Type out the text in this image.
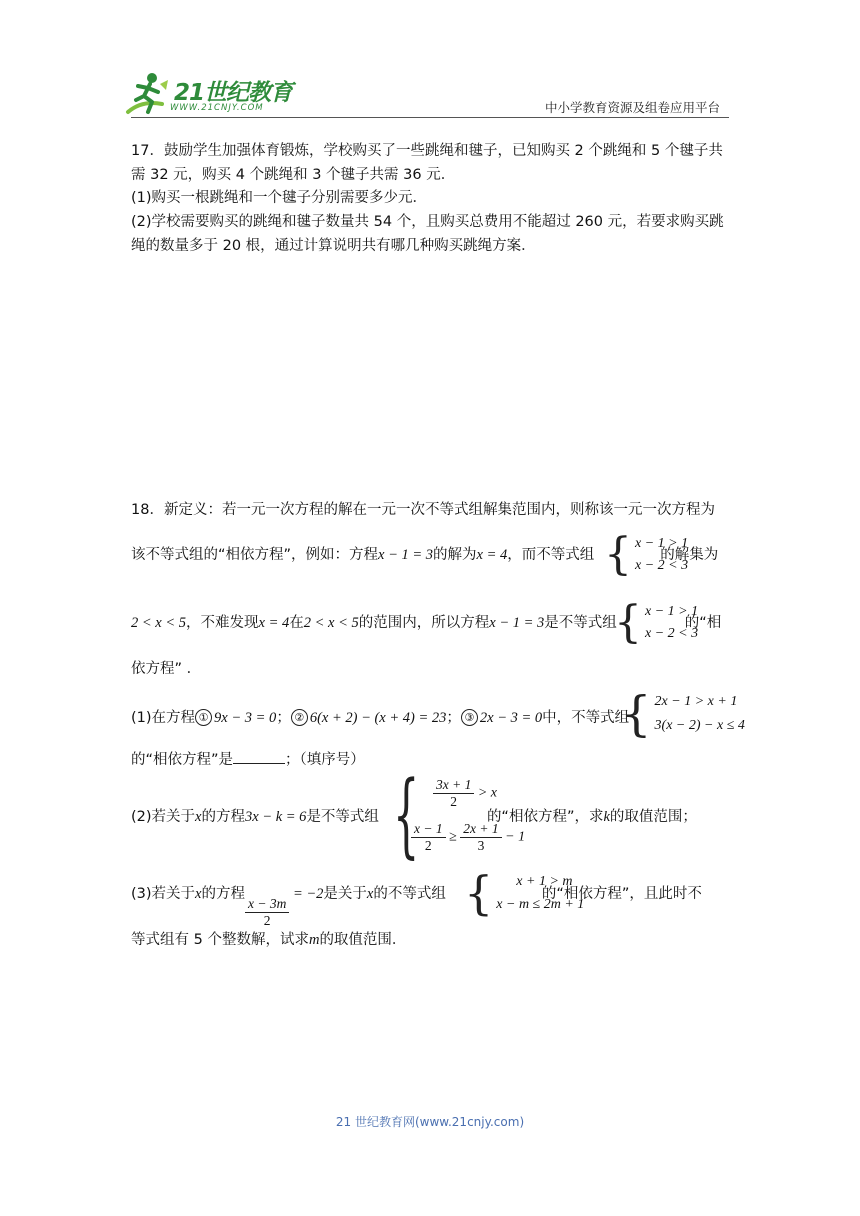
21世纪教育
WWW.21CNJY.COM	中小学教育资源及组卷应用平台
17．鼓励学生加强体育锻炼，学校购买了一些跳绳和毽子，已知购买 2 个跳绳和 5 个毽子共
需 32 元，购买 4 个跳绳和 3 个毽子共需 36 元．
(1)购买一根跳绳和一个毽子分别需要多少元．
(2)学校需要购买的跳绳和毽子数量共 54 个，且购买总费用不能超过 260 元，若要求购买跳
绳的数量多于 20 根，通过计算说明共有哪几种购买跳绳方案．
18．新定义：若一元一次方程的解在一元一次不等式组解集范围内，则称该一元一次方程为
该不等式组的“相依方程”，例如：方程x − 1 = 3的解为x = 4，而不等式组	的解集为
{ x − 1 > 1
x − 2 < 3
2 < x < 5，不难发现x = 4在2 < x < 5的范围内，所以方程x − 1 = 3是不等式组	的“相
{ x − 1 > 1
x − 2 < 3
依方程” ．
(1)在方程 ① 9x − 3 = 0； ② 6(x + 2) − (x + 4) = 23； ③ 2x − 3 = 0中，不等式组
{ 2x − 1 > x + 1
3(x − 2) − x ≤ 4
的“相依方程”是	；（填序号）
(2)若关于x的方程3x − k = 6是不等式组	的“相依方程”，求k的取值范围；
{ $\frac{3x + 1}{2} > x$
$\frac{x - 1}{2} \ge \frac{2x + 1}{3} - 1$
(3)若关于x的方程
$\frac{x - 3m}{2}$
= −2是关于x的不等式组	的“相依方程”，且此时不
{	x + 1 > m
x − m ≤ 2m + 1
等式组有 5 个整数解，试求m的取值范围．
21 世纪教育网(www.21cnjy.com)
